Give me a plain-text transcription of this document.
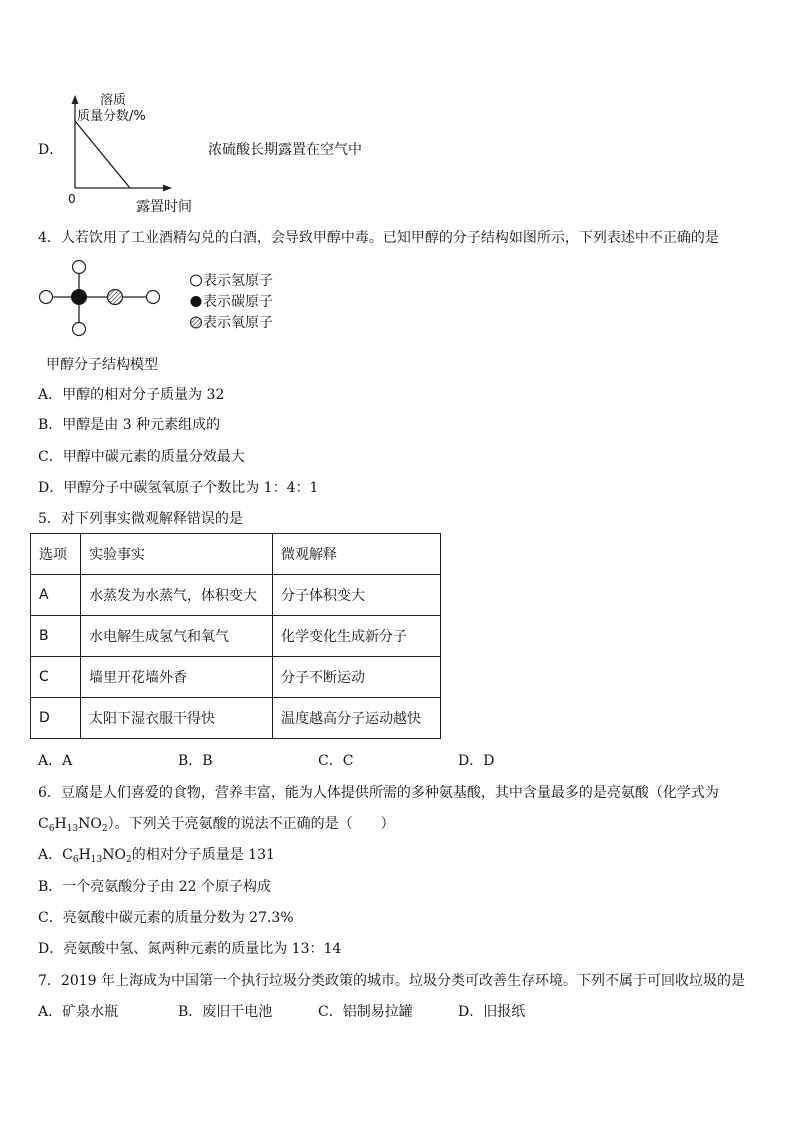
D．
溶质
质量分数/%
0	露置时间
浓硫酸长期露置在空气中
4．人若饮用了工业酒精勾兑的白酒，会导致甲醇中毒。已知甲醇的分子结构如图所示，下列表述中不正确的是
表示氢原子
表示碳原子
表示氧原子
甲醇分子结构模型
A．甲醇的相对分子质量为 32
B．甲醇是由 3 种元素组成的
C．甲醇中碳元素的质量分效最大
D．甲醇分子中碳氢氧原子个数比为 1：4：1
5．对下列事实微观解释错误的是
选项	实验事实	微观解释
A	水蒸发为水蒸气，体积变大	分子体积变大
B	水电解生成氢气和氧气	化学变化生成新分子
C	墙里开花墙外香	分子不断运动
D	太阳下湿衣服干得快	温度越高分子运动越快
A．A	B．B	C．C	D．D
6．豆腐是人们喜爱的食物，营养丰富，能为人体提供所需的多种氨基酸，其中含量最多的是亮氨酸（化学式为
$C_6H_{13}NO_2$）。下列关于亮氨酸的说法不正确的是（　　）
A．$C_6H_{13}NO_2$的相对分子质量是 131
B．一个亮氨酸分子由 22 个原子构成
C．亮氨酸中碳元素的质量分数为 27.3%
D．亮氨酸中氢、氮两种元素的质量比为 13：14
7．2019 年上海成为中国第一个执行垃圾分类政策的城市。垃圾分类可改善生存环境。下列不属于可回收垃圾的是
A．矿泉水瓶	B．废旧干电池	C．铝制易拉罐	D．旧报纸
